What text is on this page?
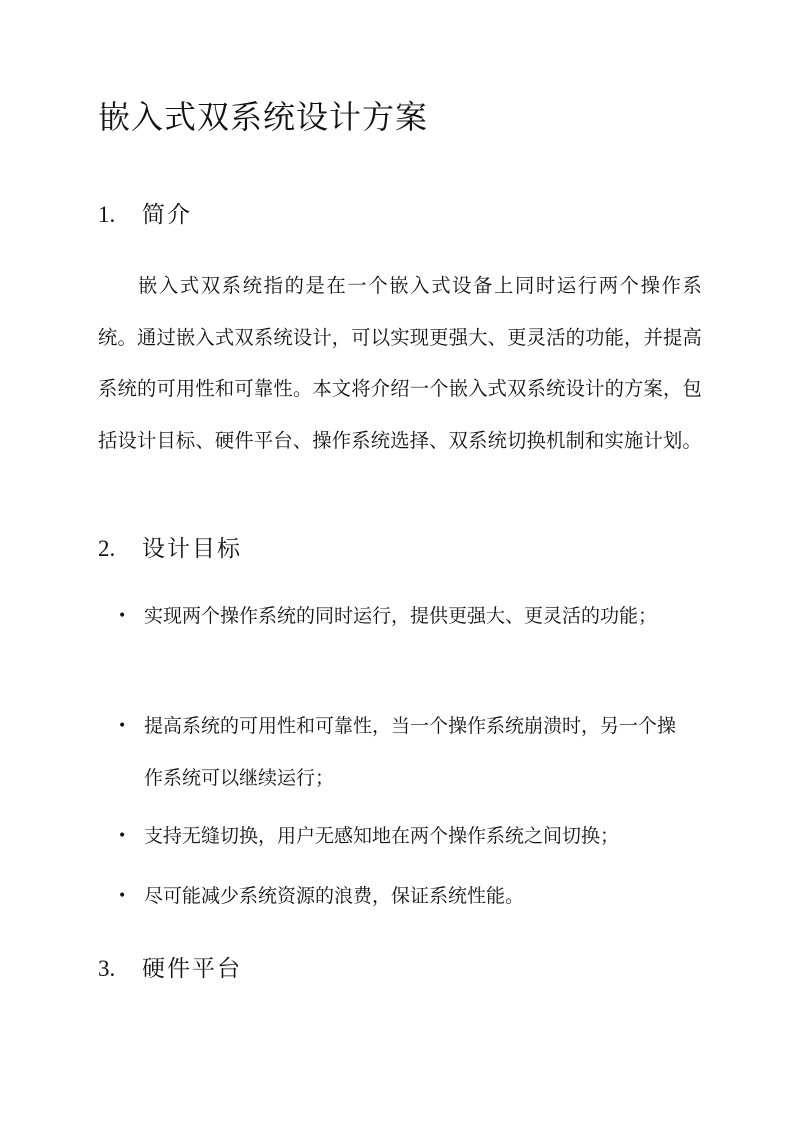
嵌入式双系统设计方案
1.	简介

嵌入式双系统指的是在一个嵌入式设备上同时运行两个操作系统。通过嵌入式双系统设计，可以实现更强大、更灵活的功能，并提高系统的可用性和可靠性。本文将介绍一个嵌入式双系统设计的方案，包括设计目标、硬件平台、操作系统选择、双系统切换机制和实施计划。

2.	设计目标
• 实现两个操作系统的同时运行，提供更强大、更灵活的功能；
• 提高系统的可用性和可靠性，当一个操作系统崩溃时，另一个操作系统可以继续运行；
• 支持无缝切换，用户无感知地在两个操作系统之间切换；
• 尽可能减少系统资源的浪费，保证系统性能。
3.	硬件平台
